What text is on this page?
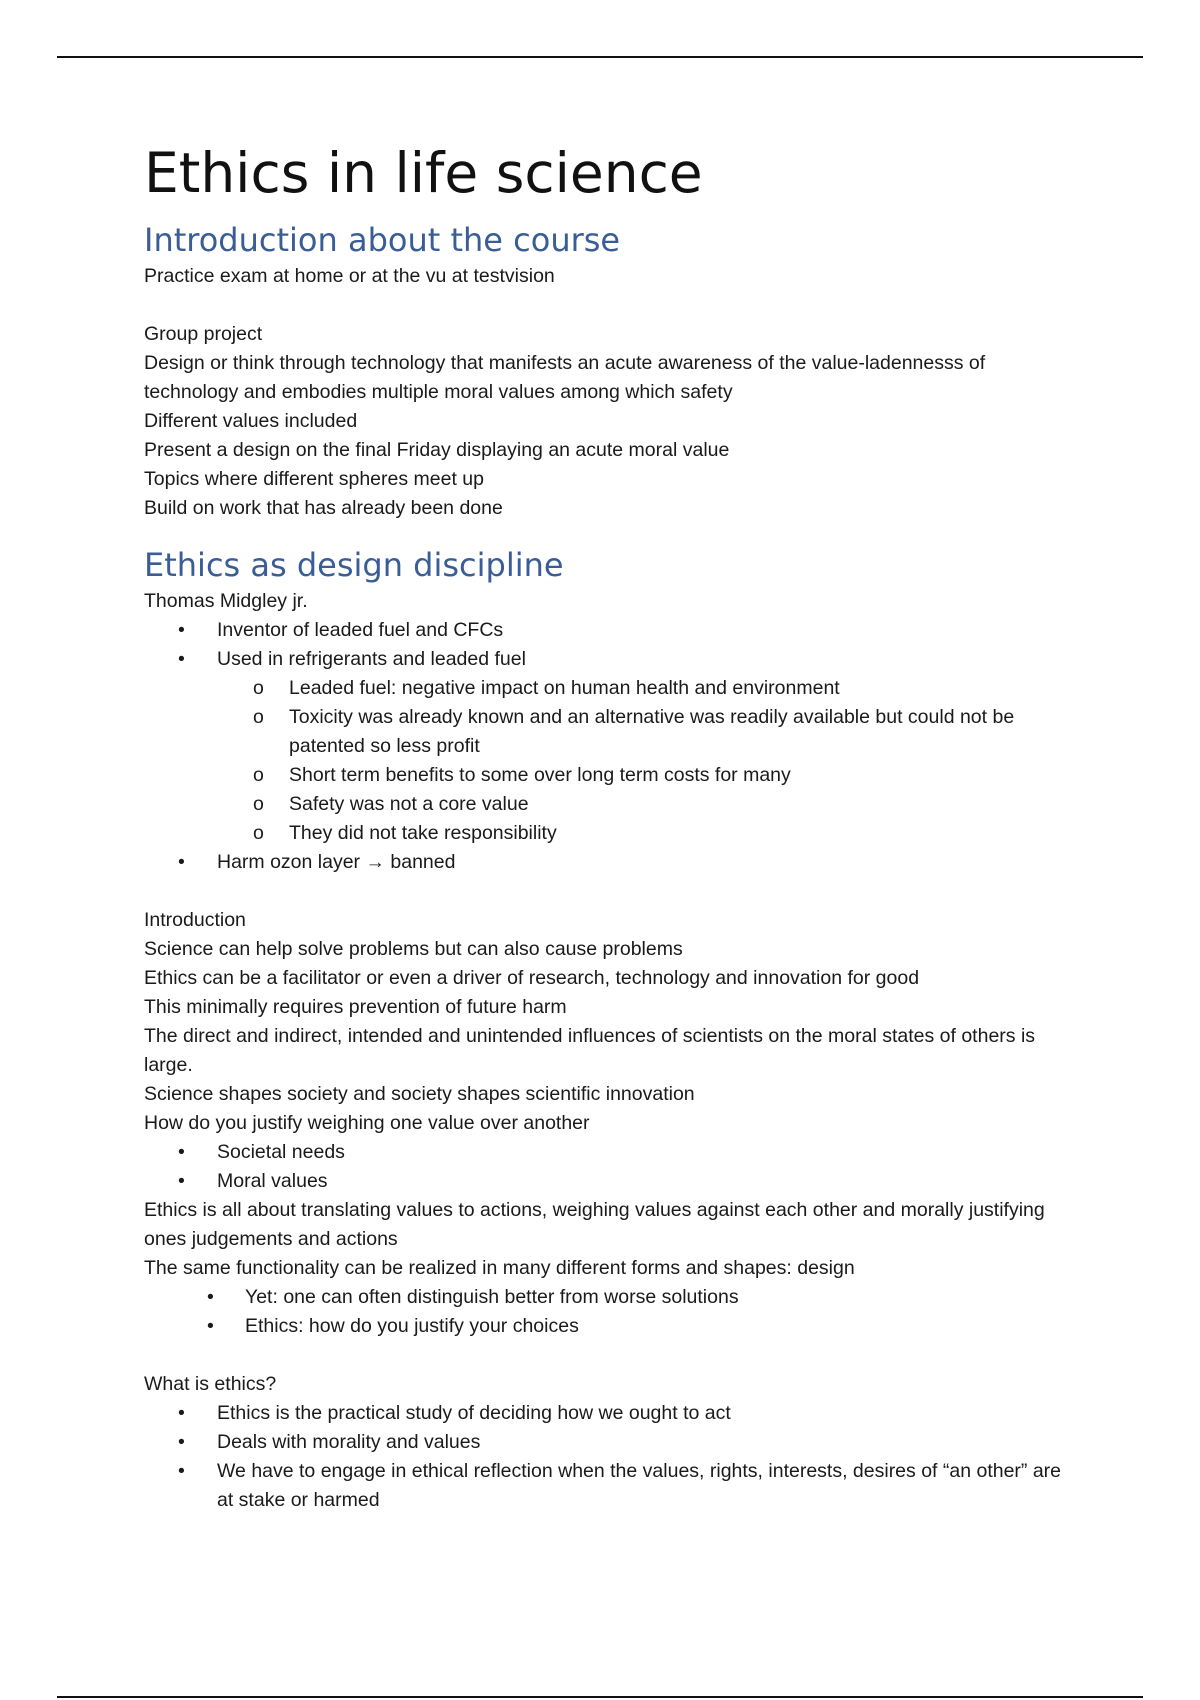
Ethics in life science
Introduction about the course

Practice exam at home or at the vu at testvision

Group project

Design or think through technology that manifests an acute awareness of the value-ladennesss of technology and embodies multiple moral values among which safety

Different values included

Present a design on the final Friday displaying an acute moral value

Topics where different spheres meet up

Build on work that has already been done

Ethics as design discipline

Thomas Midgley jr.

• Inventor of leaded fuel and CFCs
• Used in refrigerants and leaded fuel
o Leaded fuel: negative impact on human health and environment
o Toxicity was already known and an alternative was readily available but could not be patented so less profit
o Short term benefits to some over long term costs for many
o Safety was not a core value
o They did not take responsibility
• Harm ozon layer → banned

Introduction

Science can help solve problems but can also cause problems

Ethics can be a facilitator or even a driver of research, technology and innovation for good

This minimally requires prevention of future harm

The direct and indirect, intended and unintended influences of scientists on the moral states of others is large.

Science shapes society and society shapes scientific innovation

How do you justify weighing one value over another

• Societal needs
• Moral values

Ethics is all about translating values to actions, weighing values against each other and morally justifying ones judgements and actions

The same functionality can be realized in many different forms and shapes: design

• Yet: one can often distinguish better from worse solutions
• Ethics: how do you justify your choices

What is ethics?

• Ethics is the practical study of deciding how we ought to act
• Deals with morality and values
• We have to engage in ethical reflection when the values, rights, interests, desires of “an other” are at stake or harmed
